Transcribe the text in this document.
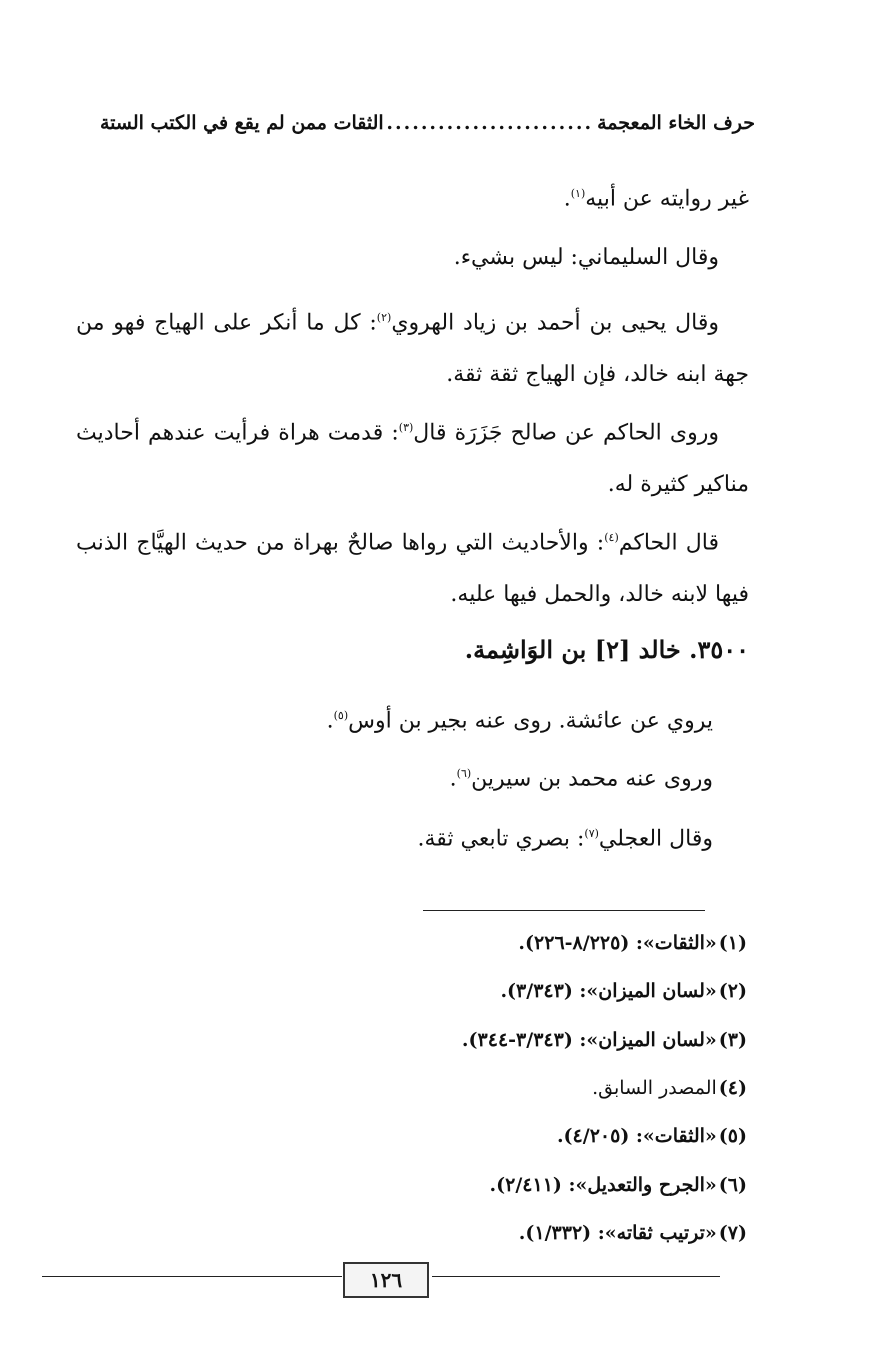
حرف الخاء المعجمة
........................
الثقات ممن لم يقع في الكتب الستة
غير روايته عن أبيه$^{(١)}$.
وقال السليماني: ليس بشيء.
وقال يحيى بن أحمد بن زياد الهروي$^{(٢)}$: كل ما أنكر على الهياج فهو من جهة ابنه خالد، فإن الهياج ثقة ثقة.
وروى الحاكم عن صالح جَزَرَة قال$^{(٣)}$: قدمت هراة فرأيت عندهم أحاديث مناكير كثيرة له.
قال الحاكم$^{(٤)}$: والأحاديث التي رواها صالحٌ بهراة من حديث الهيَّاج الذنب فيها لابنه خالد، والحمل فيها عليه.
٣٥٠٠. خالد [٢] بن الوَاشِمة.
يروي عن عائشة. روى عنه بجير بن أوس$^{(٥)}$.
وروى عنه محمد بن سيرين$^{(٦)}$.
وقال العجلي$^{(٧)}$: بصري تابعي ثقة.
(١)«الثقات»: (٨/٢٢٥-٢٢٦).
(٢)«لسان الميزان»: (٣/٣٤٣).
(٣)«لسان الميزان»: (٣/٣٤٣-٣٤٤).
(٤)المصدر السابق.
(٥)«الثقات»: (٤/٢٠٥).
(٦)«الجرح والتعديل»: (٢/٤١١).
(٧)«ترتيب ثقاته»: (١/٣٣٢).
١٢٦
